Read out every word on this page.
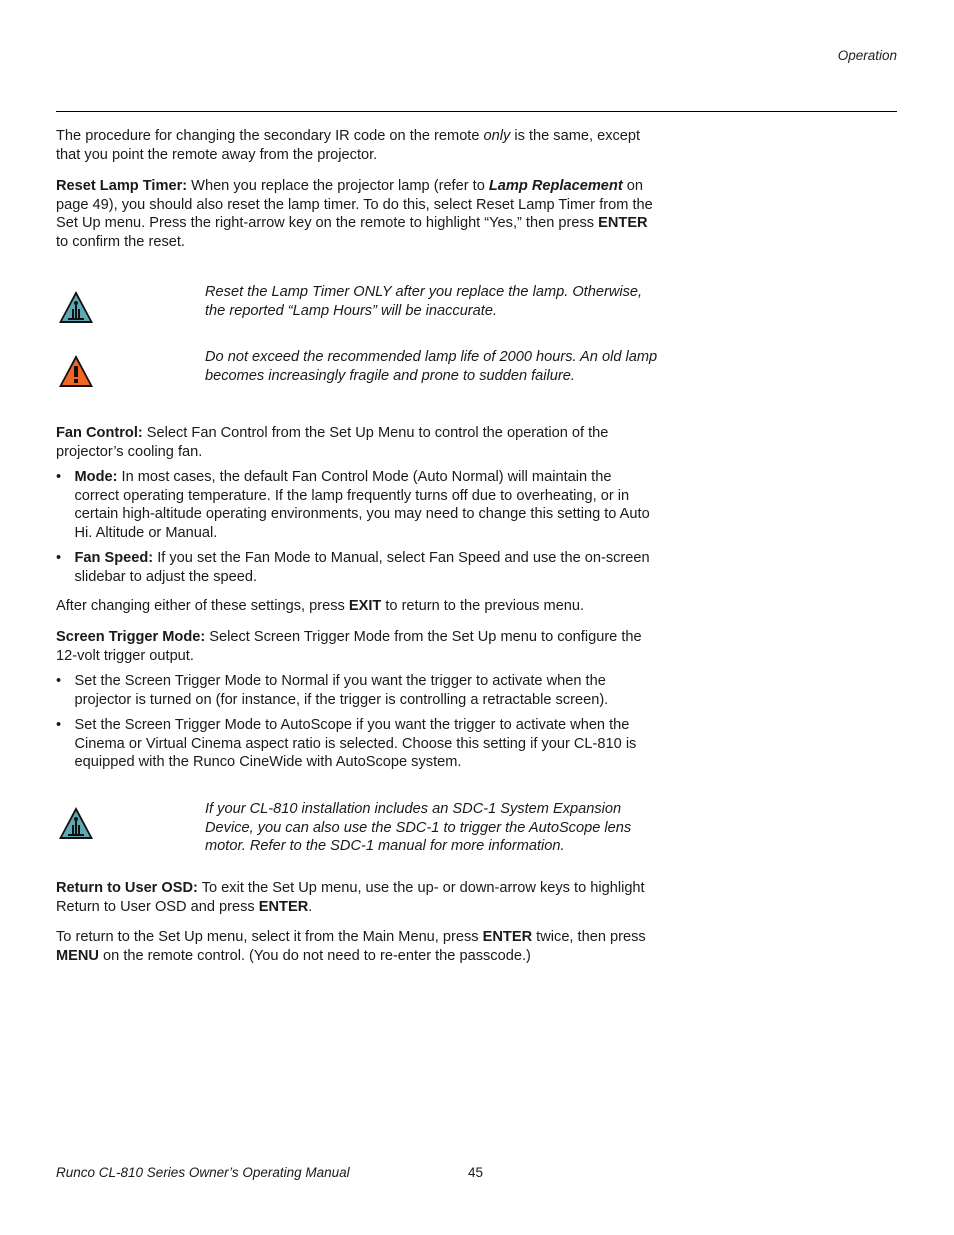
Operation

The procedure for changing the secondary IR code on the remote only is the same, except that you point the remote away from the projector.

Reset Lamp Timer: When you replace the projector lamp (refer to Lamp Replacement on page 49), you should also reset the lamp timer. To do this, select Reset Lamp Timer from the Set Up menu. Press the right-arrow key on the remote to highlight “Yes,” then press ENTER to confirm the reset.

Reset the Lamp Timer ONLY after you replace the lamp. Otherwise, the reported “Lamp Hours” will be inaccurate.

Do not exceed the recommended lamp life of 2000 hours. An old lamp becomes increasingly fragile and prone to sudden failure.

Fan Control: Select Fan Control from the Set Up Menu to control the operation of the projector’s cooling fan.

• Mode: In most cases, the default Fan Control Mode (Auto Normal) will maintain the correct operating temperature. If the lamp frequently turns off due to overheating, or in certain high-altitude operating environments, you may need to change this setting to Auto Hi. Altitude or Manual.
• Fan Speed: If you set the Fan Mode to Manual, select Fan Speed and use the on-screen slidebar to adjust the speed.

After changing either of these settings, press EXIT to return to the previous menu.

Screen Trigger Mode: Select Screen Trigger Mode from the Set Up menu to configure the 12-volt trigger output.

• Set the Screen Trigger Mode to Normal if you want the trigger to activate when the projector is turned on (for instance, if the trigger is controlling a retractable screen).
• Set the Screen Trigger Mode to AutoScope if you want the trigger to activate when the Cinema or Virtual Cinema aspect ratio is selected. Choose this setting if your CL-810 is equipped with the Runco CineWide with AutoScope system.

If your CL-810 installation includes an SDC-1 System Expansion Device, you can also use the SDC-1 to trigger the AutoScope lens motor. Refer to the SDC-1 manual for more information.

Return to User OSD: To exit the Set Up menu, use the up- or down-arrow keys to highlight Return to User OSD and press ENTER.

To return to the Set Up menu, select it from the Main Menu, press ENTER twice, then press MENU on the remote control. (You do not need to re-enter the passcode.)

Runco CL-810 Series Owner’s Operating Manual	45
